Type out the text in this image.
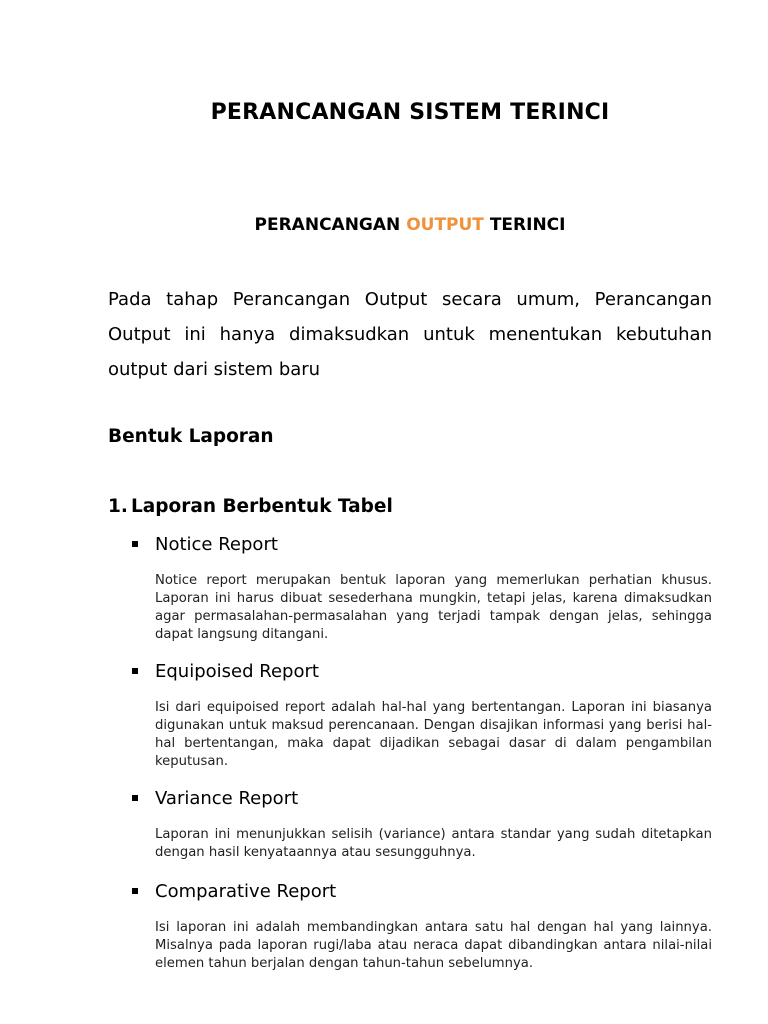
PERANCANGAN SISTEM TERINCI
PERANCANGAN OUTPUT TERINCI

Pada tahap Perancangan Output secara umum, Perancangan Output ini hanya dimaksudkan untuk menentukan kebutuhan output dari sistem baru

Bentuk Laporan
1. Laporan Berbentuk Tabel
Notice Report

Notice report merupakan bentuk laporan yang memerlukan perhatian khusus. Laporan ini harus dibuat sesederhana mungkin, tetapi jelas, karena dimaksudkan agar permasalahan-permasalahan yang terjadi tampak dengan jelas, sehingga dapat langsung ditangani.

Equipoised Report

Isi dari equipoised report adalah hal-hal yang bertentangan. Laporan ini biasanya digunakan untuk maksud perencanaan. Dengan disajikan informasi yang berisi hal-hal bertentangan, maka dapat dijadikan sebagai dasar di dalam pengambilan keputusan.

Variance Report

Laporan ini menunjukkan selisih (variance) antara standar yang sudah ditetapkan dengan hasil kenyataannya atau sesungguhnya.

Comparative Report

Isi laporan ini adalah membandingkan antara satu hal dengan hal yang lainnya. Misalnya pada laporan rugi/laba atau neraca dapat dibandingkan antara nilai-nilai elemen tahun berjalan dengan tahun-tahun sebelumnya.
